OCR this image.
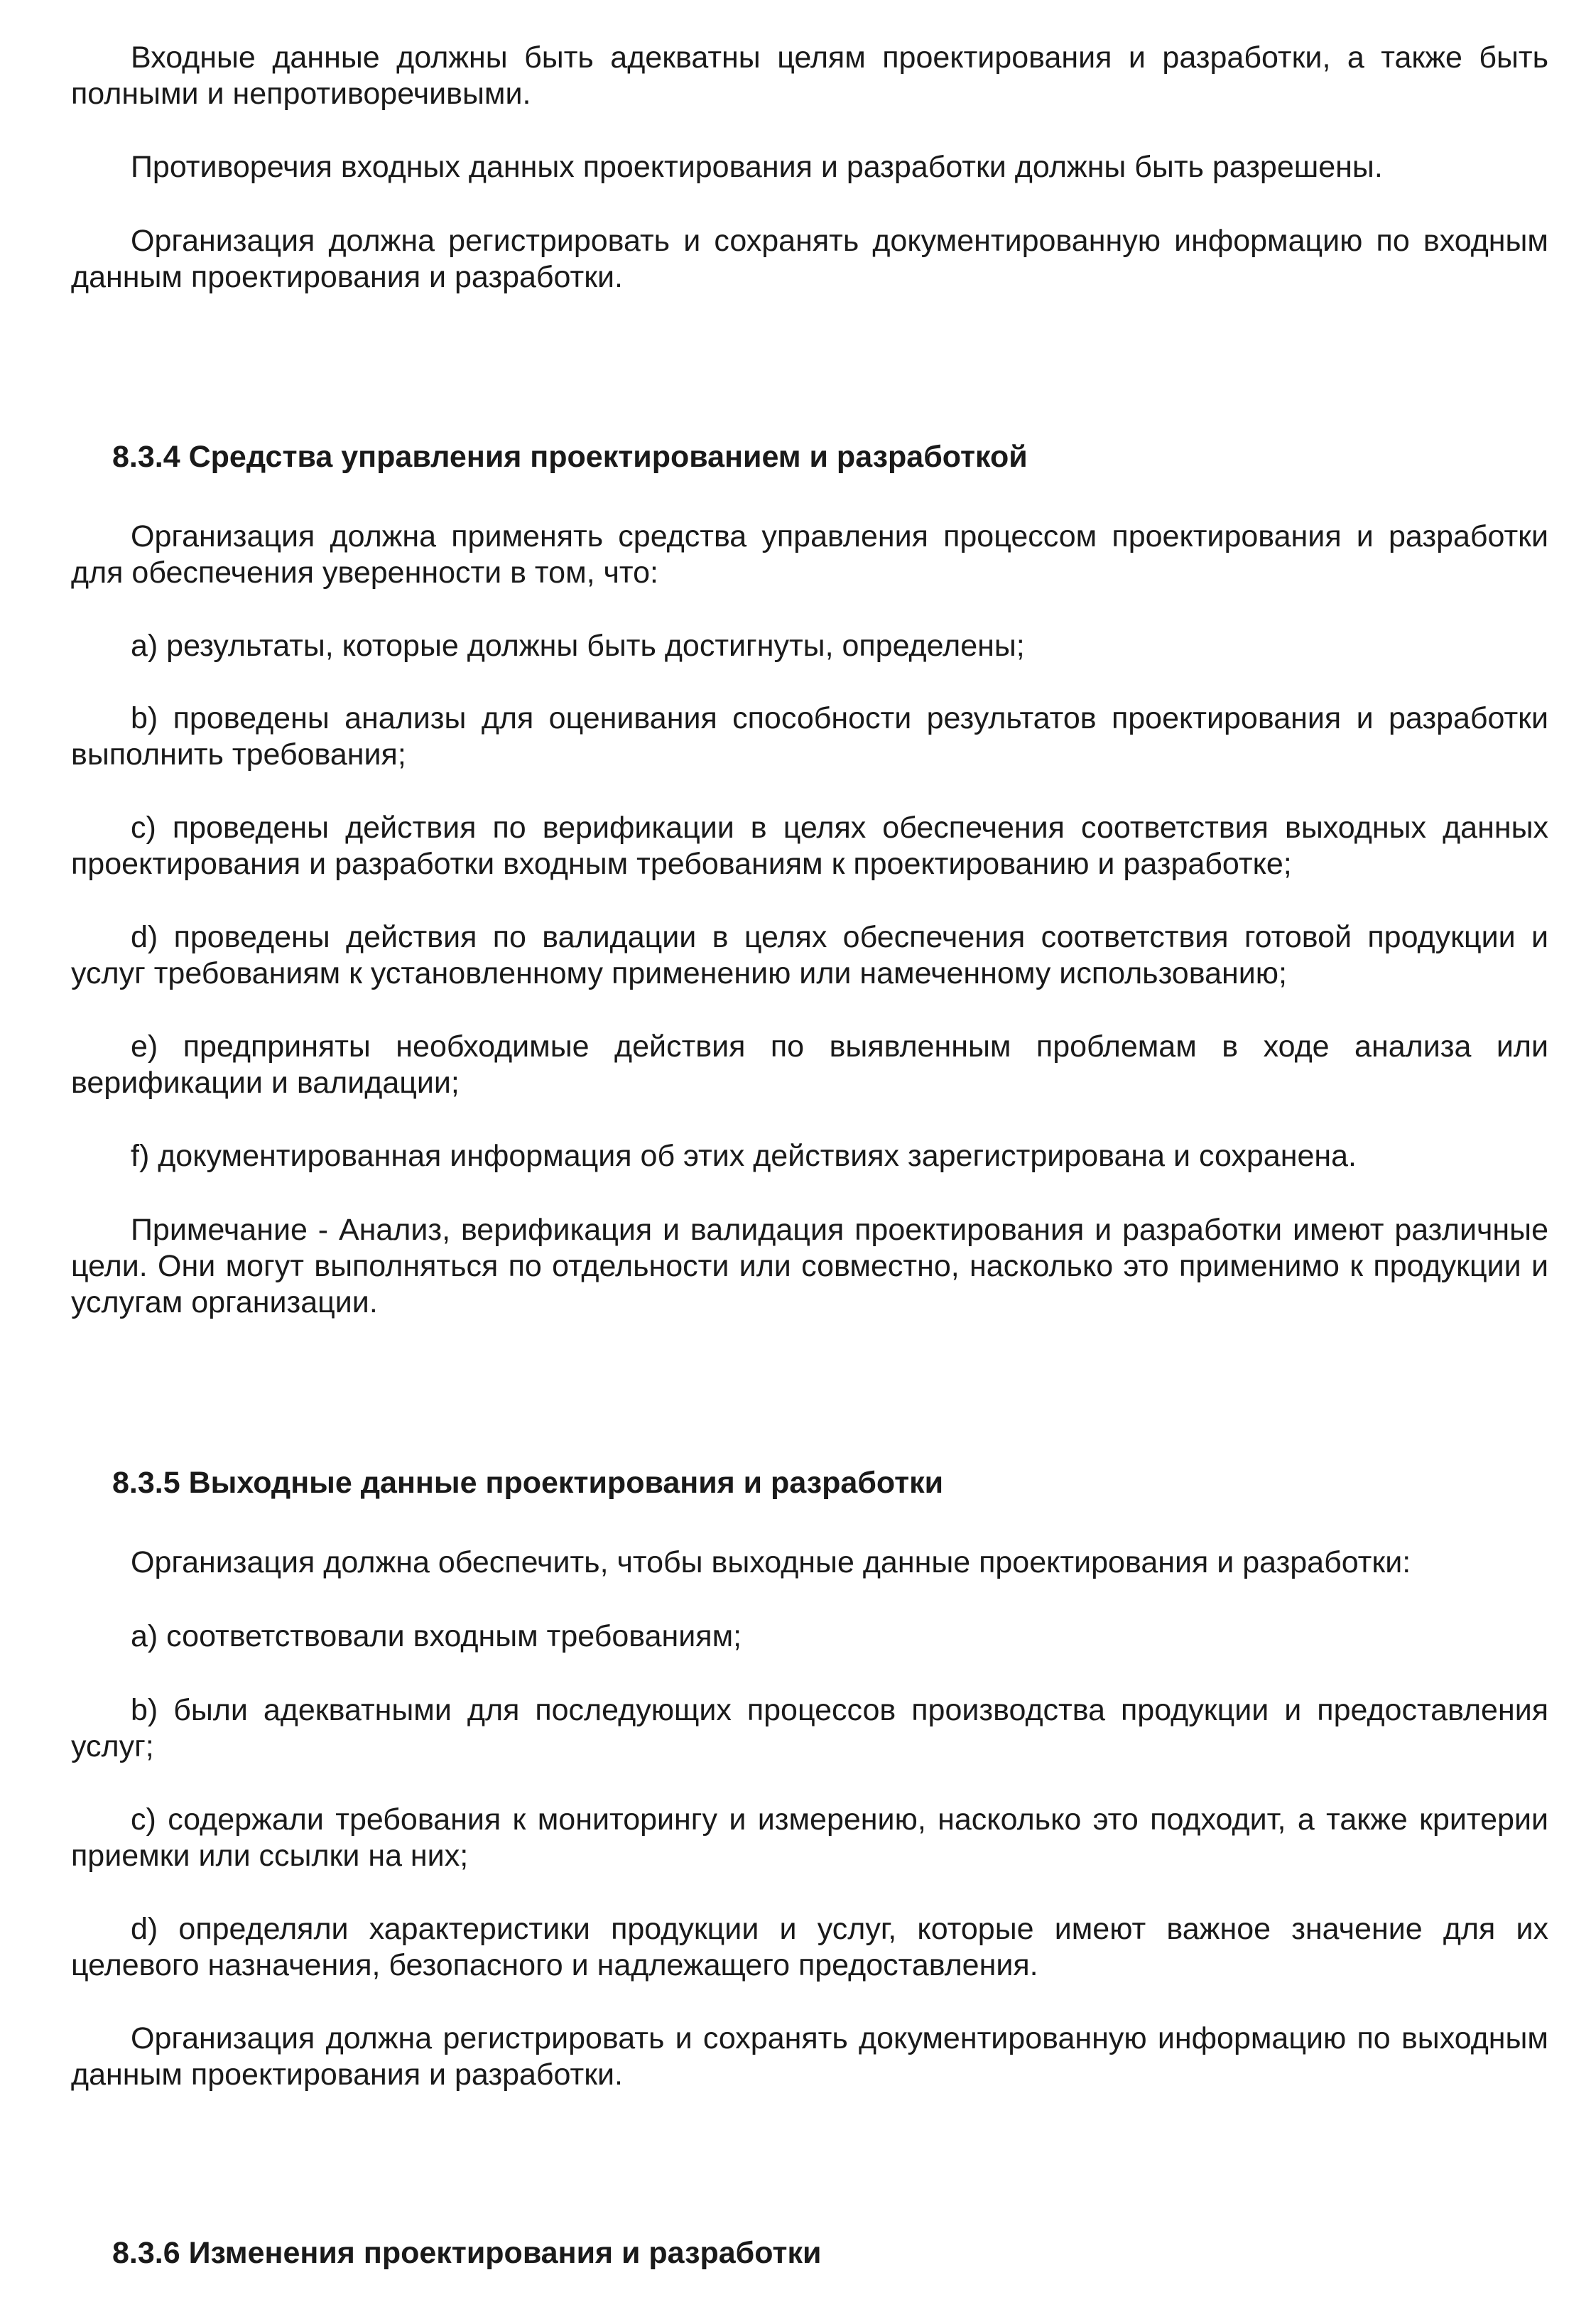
Входные данные должны быть адекватны целям проектирования и разработки, а также быть полными и непротиворечивыми.

Противоречия входных данных проектирования и разработки должны быть разрешены.

Организация должна регистрировать и сохранять документированную информацию по входным данным проектирования и разработки.

8.3.4 Средства управления проектированием и разработкой

Организация должна применять средства управления процессом проектирования и разработки для обеспечения уверенности в том, что:

a) результаты, которые должны быть достигнуты, определены;

b) проведены анализы для оценивания способности результатов проектирования и разработки выполнить требования;

c) проведены действия по верификации в целях обеспечения соответствия выходных данных проектирования и разработки входным требованиям к проектированию и разработке;

d) проведены действия по валидации в целях обеспечения соответствия готовой продукции и услуг требованиям к установленному применению или намеченному использованию;

e) предприняты необходимые действия по выявленным проблемам в ходе анализа или верификации и валидации;

f) документированная информация об этих действиях зарегистрирована и сохранена.

Примечание - Анализ, верификация и валидация проектирования и разработки имеют различные цели. Они могут выполняться по отдельности или совместно, насколько это применимо к продукции и услугам организации.

8.3.5 Выходные данные проектирования и разработки

Организация должна обеспечить, чтобы выходные данные проектирования и разработки:

a) соответствовали входным требованиям;

b) были адекватными для последующих процессов производства продукции и предоставления услуг;

c) содержали требования к мониторингу и измерению, насколько это подходит, а также критерии приемки или ссылки на них;

d) определяли характеристики продукции и услуг, которые имеют важное значение для их целевого назначения, безопасного и надлежащего предоставления.

Организация должна регистрировать и сохранять документированную информацию по выходным данным проектирования и разработки.

8.3.6 Изменения проектирования и разработки
